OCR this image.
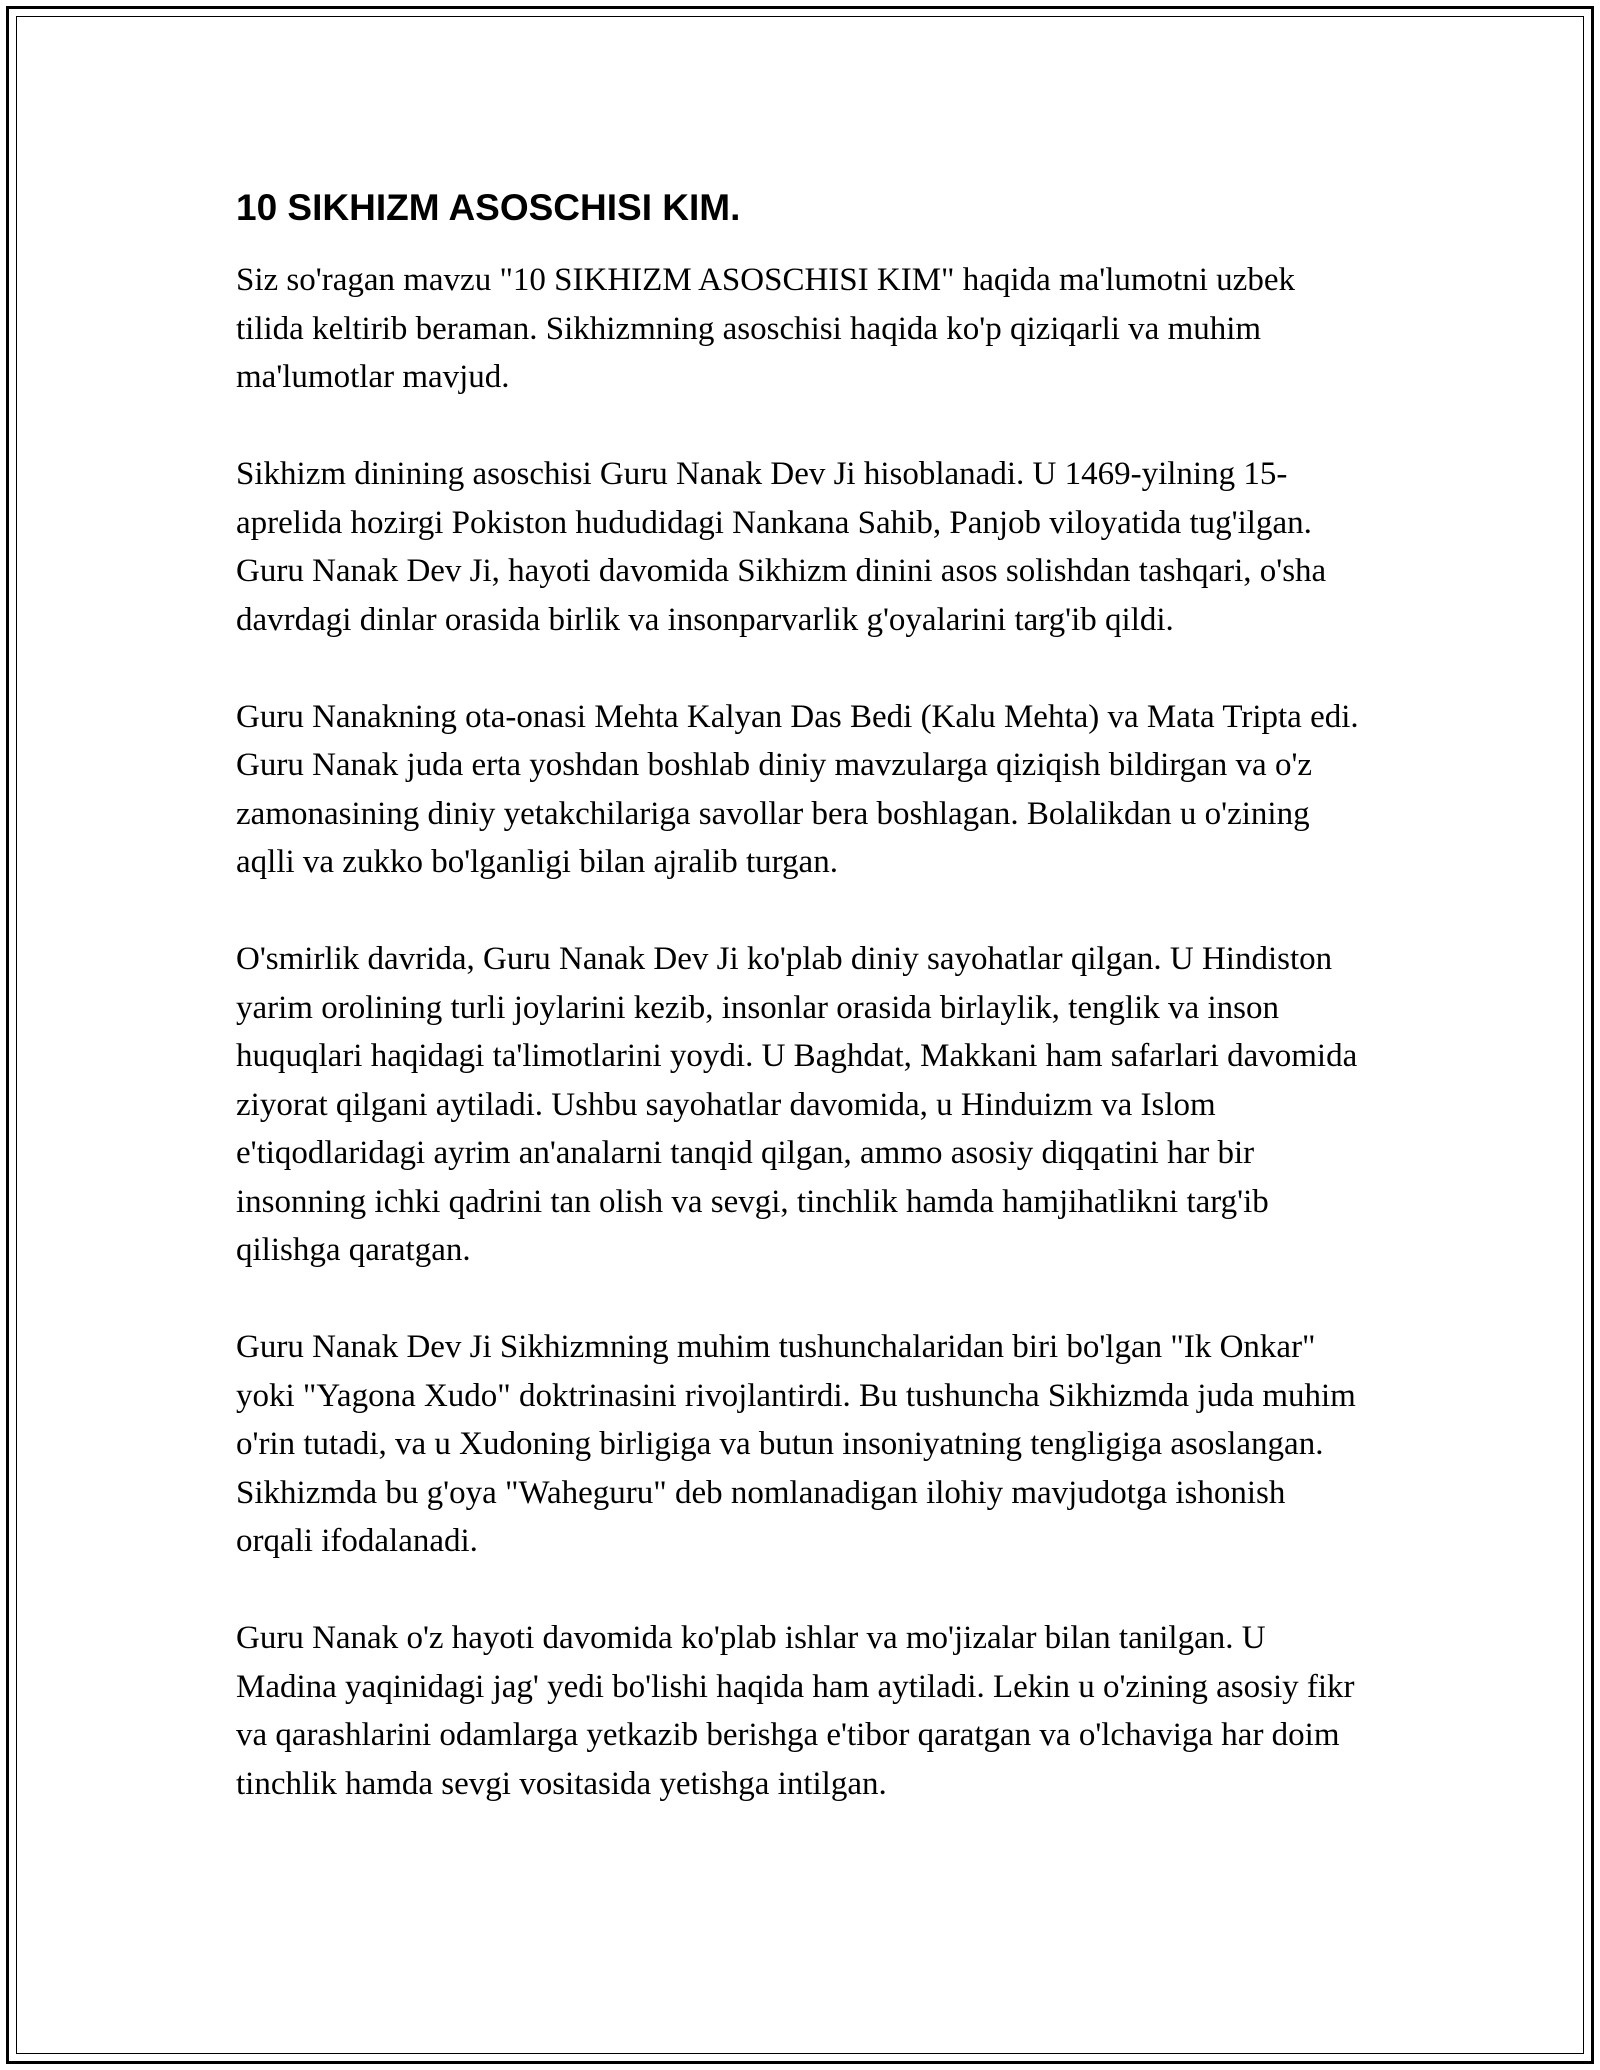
10 SIKHIZM ASOSCHISI KIM.

Siz so'ragan mavzu "10 SIKHIZM ASOSCHISI KIM" haqida ma'lumotni uzbek tilida keltirib beraman. Sikhizmning asoschisi haqida ko'p qiziqarli va muhim ma'lumotlar mavjud.

Sikhizm dinining asoschisi Guru Nanak Dev Ji hisoblanadi. U 1469-yilning 15-aprelida hozirgi Pokiston hududidagi Nankana Sahib, Panjob viloyatida tug'ilgan. Guru Nanak Dev Ji, hayoti davomida Sikhizm dinini asos solishdan tashqari, o'sha davrdagi dinlar orasida birlik va insonparvarlik g'oyalarini targ'ib qildi.

Guru Nanakning ota-onasi Mehta Kalyan Das Bedi (Kalu Mehta) va Mata Tripta edi. Guru Nanak juda erta yoshdan boshlab diniy mavzularga qiziqish bildirgan va o'z zamonasining diniy yetakchilariga savollar bera boshlagan. Bolalikdan u o'zining aqlli va zukko bo'lganligi bilan ajralib turgan.

O'smirlik davrida, Guru Nanak Dev Ji ko'plab diniy sayohatlar qilgan. U Hindiston yarim orolining turli joylarini kezib, insonlar orasida birlaylik, tenglik va inson huquqlari haqidagi ta'limotlarini yoydi. U Baghdat, Makkani ham safarlari davomida ziyorat qilgani aytiladi. Ushbu sayohatlar davomida, u Hinduizm va Islom e'tiqodlaridagi ayrim an'analarni tanqid qilgan, ammo asosiy diqqatini har bir insonning ichki qadrini tan olish va sevgi, tinchlik hamda hamjihatlikni targ'ib qilishga qaratgan.

Guru Nanak Dev Ji Sikhizmning muhim tushunchalaridan biri bo'lgan "Ik Onkar" yoki "Yagona Xudo" doktrinasini rivojlantirdi. Bu tushuncha Sikhizmda juda muhim o'rin tutadi, va u Xudoning birligiga va butun insoniyatning tengligiga asoslangan. Sikhizmda bu g'oya "Waheguru" deb nomlanadigan ilohiy mavjudotga ishonish orqali ifodalanadi.

Guru Nanak o'z hayoti davomida ko'plab ishlar va mo'jizalar bilan tanilgan. U Madina yaqinidagi jag' yedi bo'lishi haqida ham aytiladi. Lekin u o'zining asosiy fikr va qarashlarini odamlarga yetkazib berishga e'tibor qaratgan va o'lchaviga har doim tinchlik hamda sevgi vositasida yetishga intilgan.
